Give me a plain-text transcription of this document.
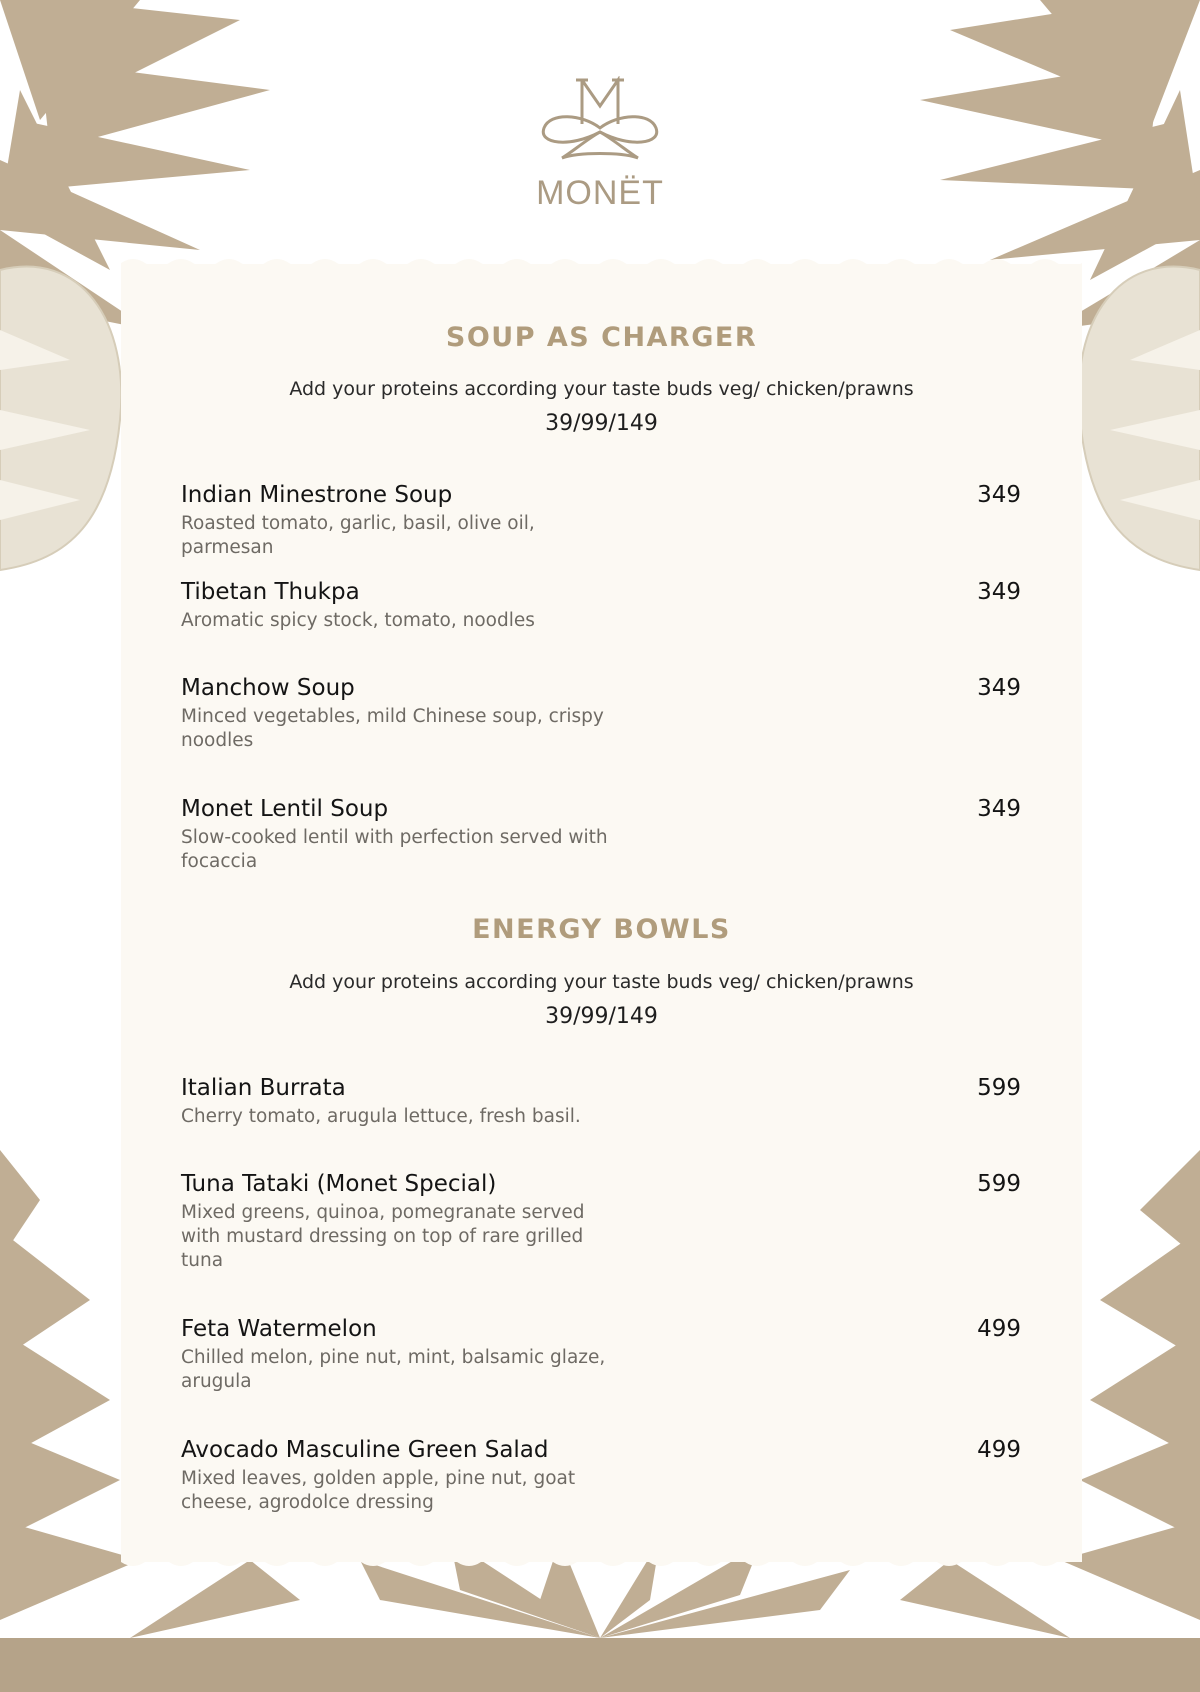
MONËT
SOUP AS CHARGER

Add your proteins according your taste buds veg/ chicken/prawns

39/99/149

Indian Minestrone Soup

Roasted tomato, garlic, basil, olive oil, parmesan

349

Tibetan Thukpa

Aromatic spicy stock, tomato, noodles

349

Manchow Soup

Minced vegetables, mild Chinese soup, crispy noodles

349

Monet Lentil Soup

Slow-cooked lentil with perfection served with focaccia

349
ENERGY BOWLS

Add your proteins according your taste buds veg/ chicken/prawns

39/99/149

Italian Burrata

Cherry tomato, arugula lettuce, fresh basil.

599

Tuna Tataki (Monet Special)

Mixed greens, quinoa, pomegranate served with mustard dressing on top of rare grilled tuna

599

Feta Watermelon

Chilled melon, pine nut, mint, balsamic glaze, arugula

499

Avocado Masculine Green Salad

Mixed leaves, golden apple, pine nut, goat cheese, agrodolce dressing

499
